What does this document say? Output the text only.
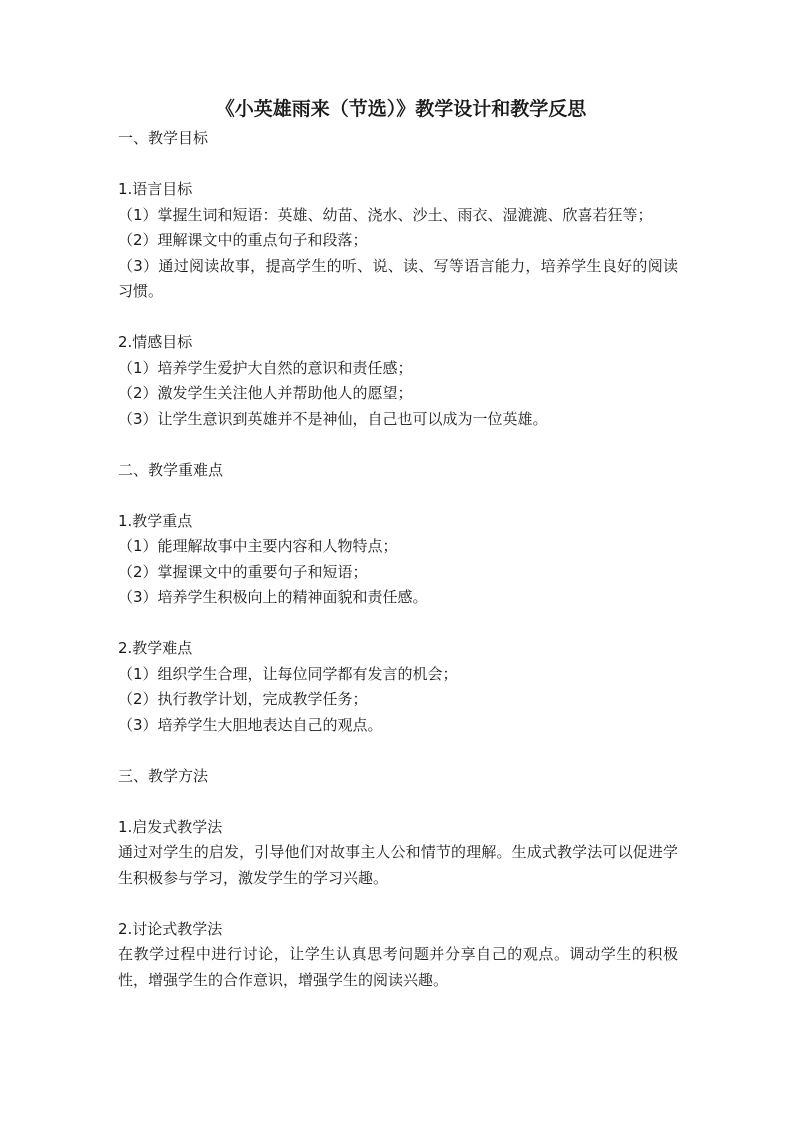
《小英雄雨来（节选）》教学设计和教学反思

一、教学目标

1.语言目标

（1）掌握生词和短语：英雄、幼苗、浇水、沙土、雨衣、湿漉漉、欣喜若狂等；

（2）理解课文中的重点句子和段落；

（3）通过阅读故事，提高学生的听、说、读、写等语言能力，培养学生良好的阅读习惯。

2.情感目标

（1）培养学生爱护大自然的意识和责任感；

（2）激发学生关注他人并帮助他人的愿望；

（3）让学生意识到英雄并不是神仙，自己也可以成为一位英雄。

二、教学重难点

1.教学重点

（1）能理解故事中主要内容和人物特点；

（2）掌握课文中的重要句子和短语；

（3）培养学生积极向上的精神面貌和责任感。

2.教学难点

（1）组织学生合理，让每位同学都有发言的机会；

（2）执行教学计划，完成教学任务；

（3）培养学生大胆地表达自己的观点。

三、教学方法

1.启发式教学法

通过对学生的启发，引导他们对故事主人公和情节的理解。生成式教学法可以促进学生积极参与学习，激发学生的学习兴趣。

2.讨论式教学法

在教学过程中进行讨论，让学生认真思考问题并分享自己的观点。调动学生的积极性，增强学生的合作意识，增强学生的阅读兴趣。
